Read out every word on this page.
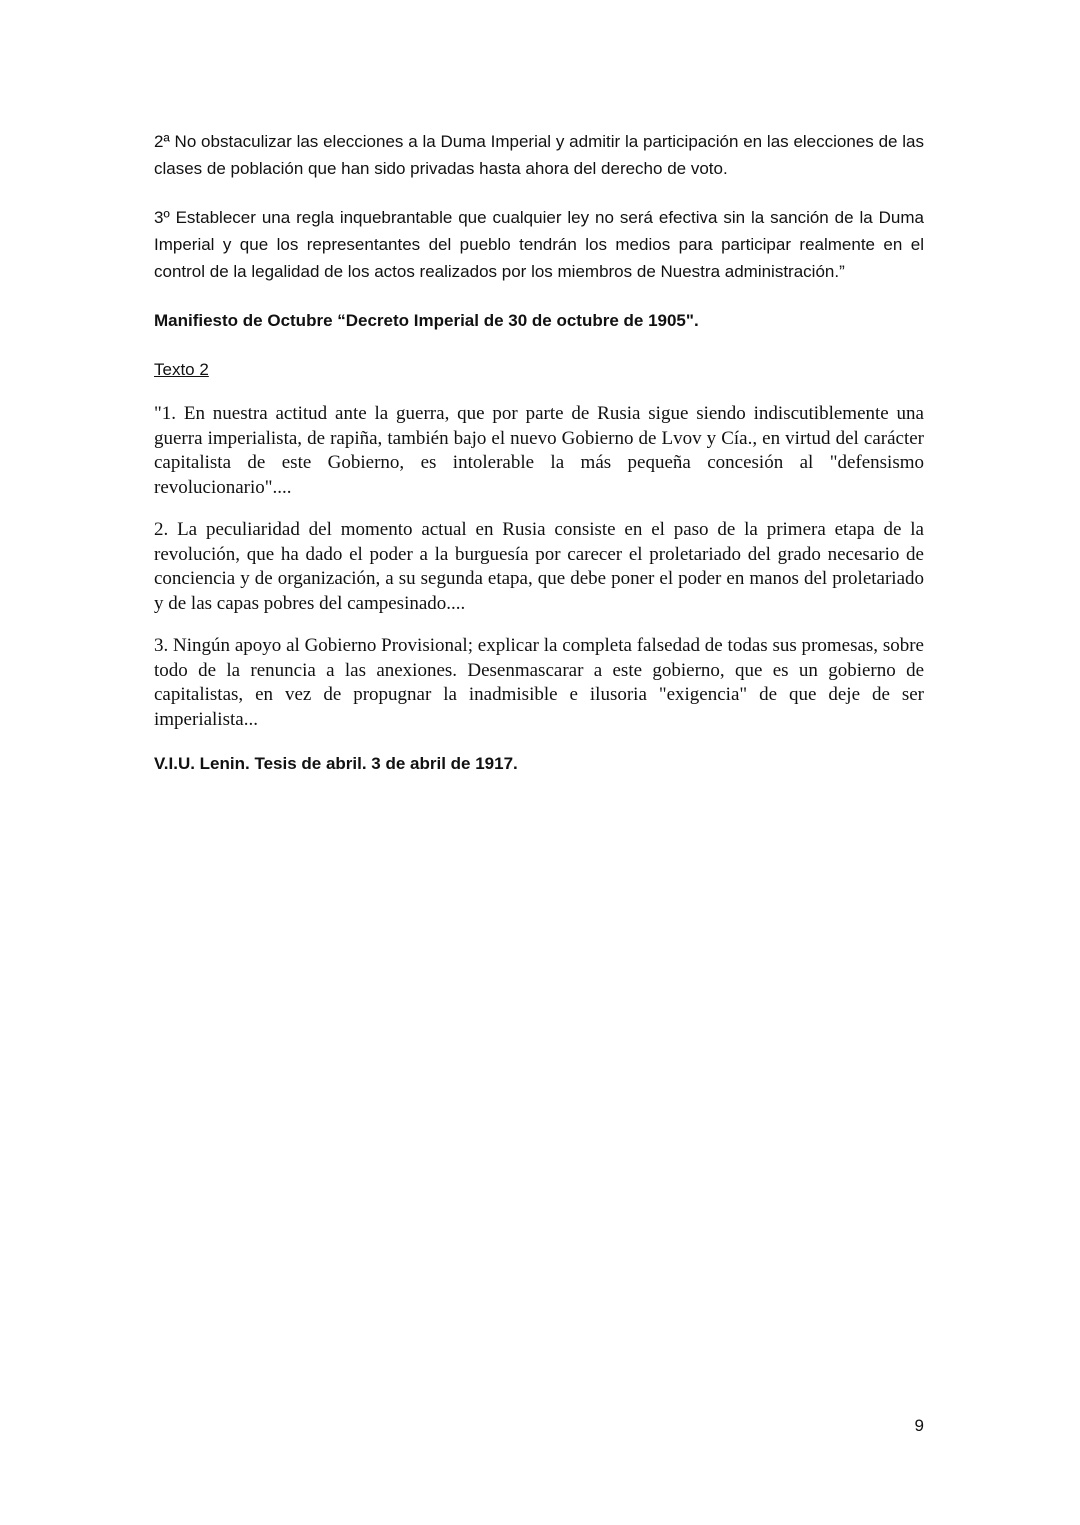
2ª No obstaculizar las elecciones a la Duma Imperial y admitir la participación en las elecciones de las clases de población que han sido privadas hasta ahora del derecho de voto.

3º Establecer una regla inquebrantable que cualquier ley no será efectiva sin la sanción de la Duma Imperial y que los representantes del pueblo tendrán los medios para participar realmente en el control de la legalidad de los actos realizados por los miembros de Nuestra administración.”

Manifiesto de Octubre “Decreto Imperial de 30 de octubre de 1905".

Texto 2

"1. En nuestra actitud ante la guerra, que por parte de Rusia sigue siendo indiscutiblemente una guerra imperialista, de rapiña, también bajo el nuevo Gobierno de Lvov y Cía., en virtud del carácter capitalista de este Gobierno, es intolerable la más pequeña concesión al "defensismo revolucionario"....

2. La peculiaridad del momento actual en Rusia consiste en el paso de la primera etapa de la revolución, que ha dado el poder a la burguesía por carecer el proletariado del grado necesario de conciencia y de organización, a su segunda etapa, que debe poner el poder en manos del proletariado y de las capas pobres del campesinado....

3. Ningún apoyo al Gobierno Provisional; explicar la completa falsedad de todas sus promesas, sobre todo de la renuncia a las anexiones. Desenmascarar a este gobierno, que es un gobierno de capitalistas, en vez de propugnar la inadmisible e ilusoria "exigencia" de que deje de ser imperialista...

V.I.U. Lenin. Tesis de abril. 3 de abril de 1917.

9
